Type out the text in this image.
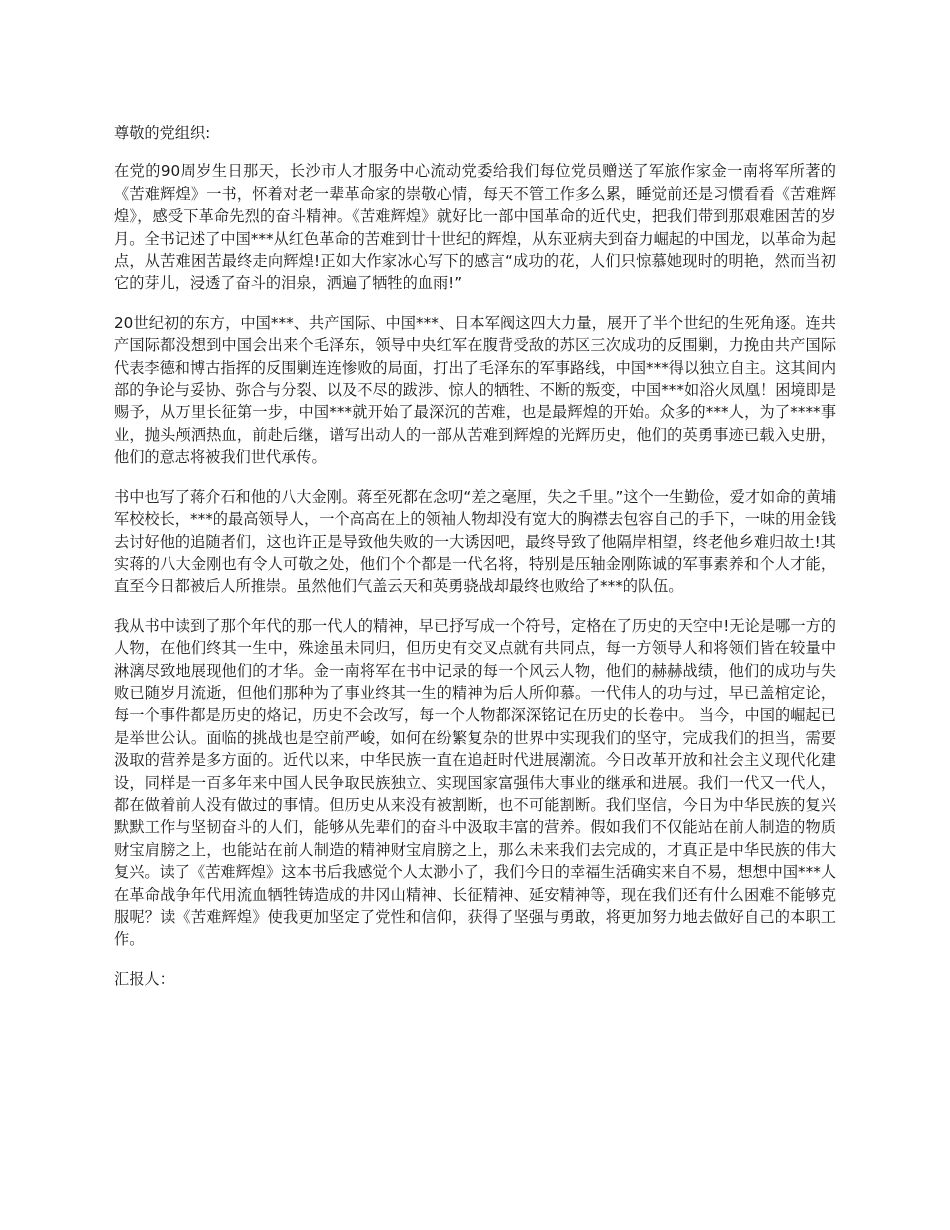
尊敬的党组织:

在党的90周岁生日那天，长沙市人才服务中心流动党委给我们每位党员赠送了军旅作家金一南将军所著的《苦难辉煌》一书，怀着对老一辈革命家的崇敬心情，每天不管工作多么累，睡觉前还是习惯看看《苦难辉煌》，感受下革命先烈的奋斗精神。《苦难辉煌》就好比一部中国革命的近代史，把我们带到那艰难困苦的岁月。全书记述了中国***从红色革命的苦难到廿十世纪的辉煌，从东亚病夫到奋力崛起的中国龙，以革命为起点，从苦难困苦最终走向辉煌!正如大作家冰心写下的感言“成功的花，人们只惊慕她现时的明艳，然而当初它的芽儿，浸透了奋斗的泪泉，洒遍了牺牲的血雨!”

20世纪初的东方，中国***、共产国际、中国***、日本军阀这四大力量，展开了半个世纪的生死角逐。连共产国际都没想到中国会出来个毛泽东，领导中央红军在腹背受敌的苏区三次成功的反围剿，力挽由共产国际代表李德和博古指挥的反围剿连连惨败的局面，打出了毛泽东的军事路线，中国***得以独立自主。这其间内部的争论与妥协、弥合与分裂、以及不尽的跋涉、惊人的牺牲、不断的叛变，中国***如浴火凤凰！困境即是赐予，从万里长征第一步，中国***就开始了最深沉的苦难，也是最辉煌的开始。众多的***人，为了****事业，抛头颅洒热血，前赴后继，谱写出动人的一部从苦难到辉煌的光辉历史，他们的英勇事迹已载入史册，他们的意志将被我们世代承传。

书中也写了蒋介石和他的八大金刚。蒋至死都在念叨“差之毫厘，失之千里。”这个一生勤俭，爱才如命的黄埔军校校长，***的最高领导人，一个高高在上的领袖人物却没有宽大的胸襟去包容自己的手下，一味的用金钱去讨好他的追随者们，这也许正是导致他失败的一大诱因吧，最终导致了他隔岸相望，终老他乡难归故土!其实蒋的八大金刚也有令人可敬之处，他们个个都是一代名将，特别是压轴金刚陈诚的军事素养和个人才能，直至今日都被后人所推崇。虽然他们气盖云天和英勇骁战却最终也败给了***的队伍。

我从书中读到了那个年代的那一代人的精神，早已抒写成一个符号，定格在了历史的天空中!无论是哪一方的人物，在他们终其一生中，殊途虽未同归，但历史有交叉点就有共同点，每一方领导人和将领们皆在较量中淋漓尽致地展现他们的才华。金一南将军在书中记录的每一个风云人物，他们的赫赫战绩，他们的成功与失败已随岁月流逝，但他们那种为了事业终其一生的精神为后人所仰慕。一代伟人的功与过，早已盖棺定论，每一个事件都是历史的烙记，历史不会改写，每一个人物都深深铭记在历史的长卷中。 当今，中国的崛起已是举世公认。面临的挑战也是空前严峻，如何在纷繁复杂的世界中实现我们的坚守，完成我们的担当，需要汲取的营养是多方面的。近代以来，中华民族一直在追赶时代进展潮流。今日改革开放和社会主义现代化建设，同样是一百多年来中国人民争取民族独立、实现国家富强伟大事业的继承和进展。我们一代又一代人，都在做着前人没有做过的事情。但历史从来没有被割断，也不可能割断。我们坚信，今日为中华民族的复兴默默工作与坚韧奋斗的人们，能够从先辈们的奋斗中汲取丰富的营养。假如我们不仅能站在前人制造的物质财宝肩膀之上，也能站在前人制造的精神财宝肩膀之上，那么未来我们去完成的，才真正是中华民族的伟大复兴。读了《苦难辉煌》这本书后我感觉个人太渺小了，我们今日的幸福生活确实来自不易，想想中国***人在革命战争年代用流血牺牲铸造成的井冈山精神、长征精神、延安精神等，现在我们还有什么困难不能够克服呢？读《苦难辉煌》使我更加坚定了党性和信仰，获得了坚强与勇敢，将更加努力地去做好自己的本职工作。

汇报人：
